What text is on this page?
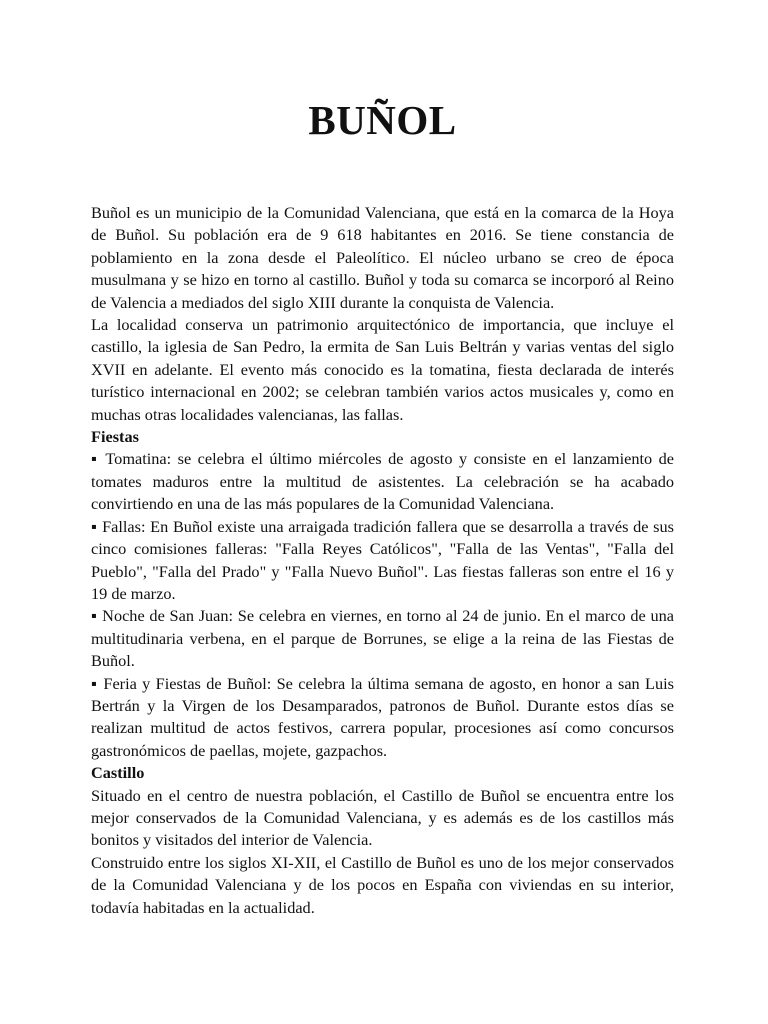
BUÑOL

Buñol es un municipio de la Comunidad Valenciana, que está en la comarca de la Hoya de Buñol. Su población era de 9 618 habitantes en 2016. Se tiene constancia de poblamiento en la zona desde el Paleolítico. El núcleo urbano se creo de época musulmana y se hizo en torno al castillo. Buñol y toda su comarca se incorporó al Reino de Valencia a mediados del siglo XIII durante la conquista de Valencia.

La localidad conserva un patrimonio arquitectónico de importancia, que incluye el castillo, la iglesia de San Pedro, la ermita de San Luis Beltrán y varias ventas del siglo XVII en adelante. El evento más conocido es la tomatina, fiesta declarada de interés turístico internacional en 2002; se celebran también varios actos musicales y, como en muchas otras localidades valencianas, las fallas.

Fiestas

▪ Tomatina: se celebra el último miércoles de agosto y consiste en el lanzamiento de tomates maduros entre la multitud de asistentes. La celebración se ha acabado convirtiendo en una de las más populares de la Comunidad Valenciana.

▪ Fallas: En Buñol existe una arraigada tradición fallera que se desarrolla a través de sus cinco comisiones falleras: "Falla Reyes Católicos", "Falla de las Ventas", "Falla del Pueblo", "Falla del Prado" y "Falla Nuevo Buñol". Las fiestas falleras son entre el 16 y 19 de marzo.

▪ Noche de San Juan: Se celebra en viernes, en torno al 24 de junio. En el marco de una multitudinaria verbena, en el parque de Borrunes, se elige a la reina de las Fiestas de Buñol.

▪ Feria y Fiestas de Buñol: Se celebra la última semana de agosto, en honor a san Luis Bertrán y la Virgen de los Desamparados, patronos de Buñol. Durante estos días se realizan multitud de actos festivos, carrera popular, procesiones así como concursos gastronómicos de paellas, mojete, gazpachos.

Castillo

Situado en el centro de nuestra población, el Castillo de Buñol se encuentra entre los mejor conservados de la Comunidad Valenciana, y es además es de los castillos más bonitos y visitados del interior de Valencia.

Construido entre los siglos XI-XII, el Castillo de Buñol es uno de los mejor conservados de la Comunidad Valenciana y de los pocos en España con viviendas en su interior, todavía habitadas en la actualidad.
